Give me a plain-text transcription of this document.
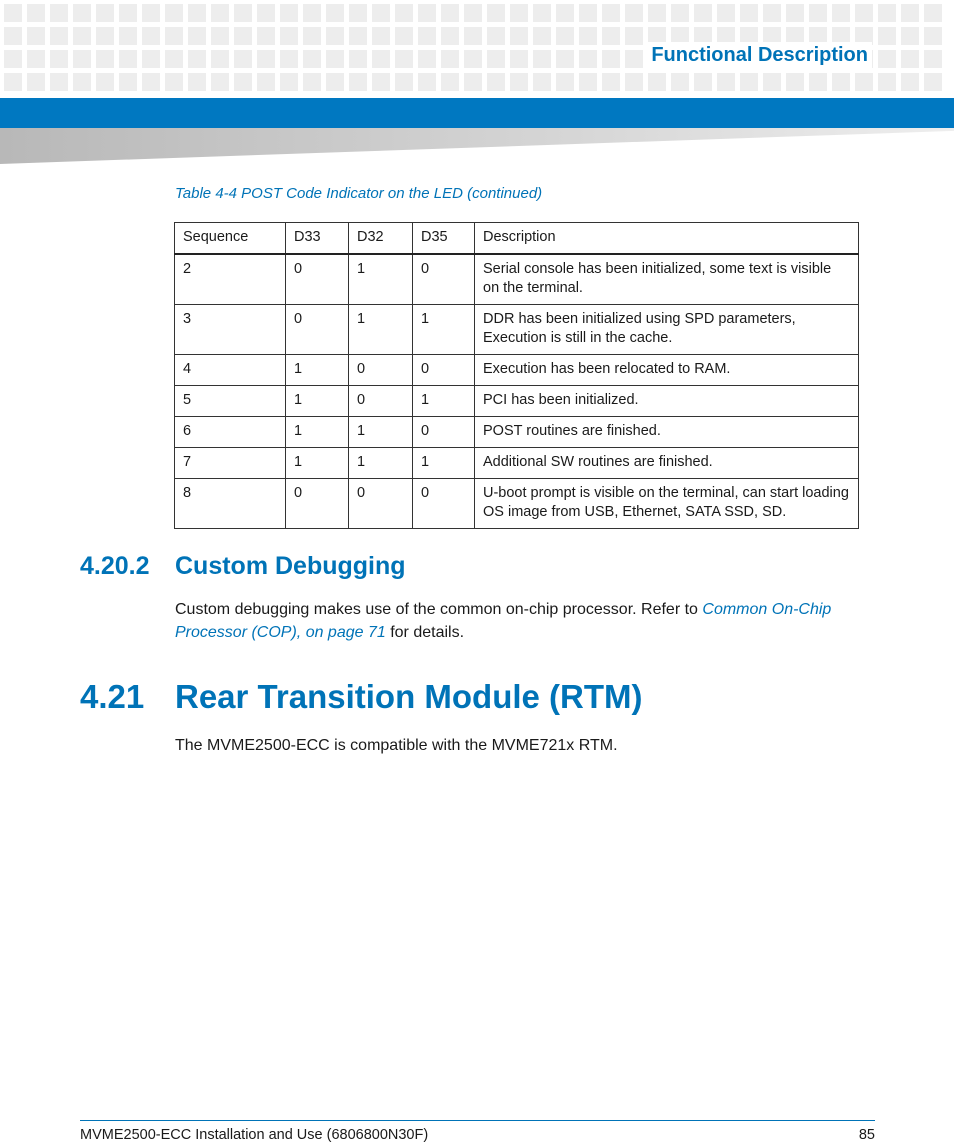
Functional Description
Table 4-4 POST Code Indicator on the LED (continued)
Sequence	D33	D32	D35	Description
2	0	1	0	Serial console has been initialized, some text is visible on the terminal.
3	0	1	1	DDR has been initialized using SPD parameters, Execution is still in the cache.
4	1	0	0	Execution has been relocated to RAM.
5	1	0	1	PCI has been initialized.
6	1	1	0	POST routines are finished.
7	1	1	1	Additional SW routines are finished.
8	0	0	0	U-boot prompt is visible on the terminal, can start loading OS image from USB, Ethernet, SATA SSD, SD.
4.20.2 Custom Debugging
Custom debugging makes use of the common on-chip processor. Refer to Common On-Chip Processor (COP), on page 71 for details.
4.21 Rear Transition Module (RTM)
The MVME2500-ECC is compatible with the MVME721x RTM.
MVME2500-ECC Installation and Use (6806800N30F)	85
